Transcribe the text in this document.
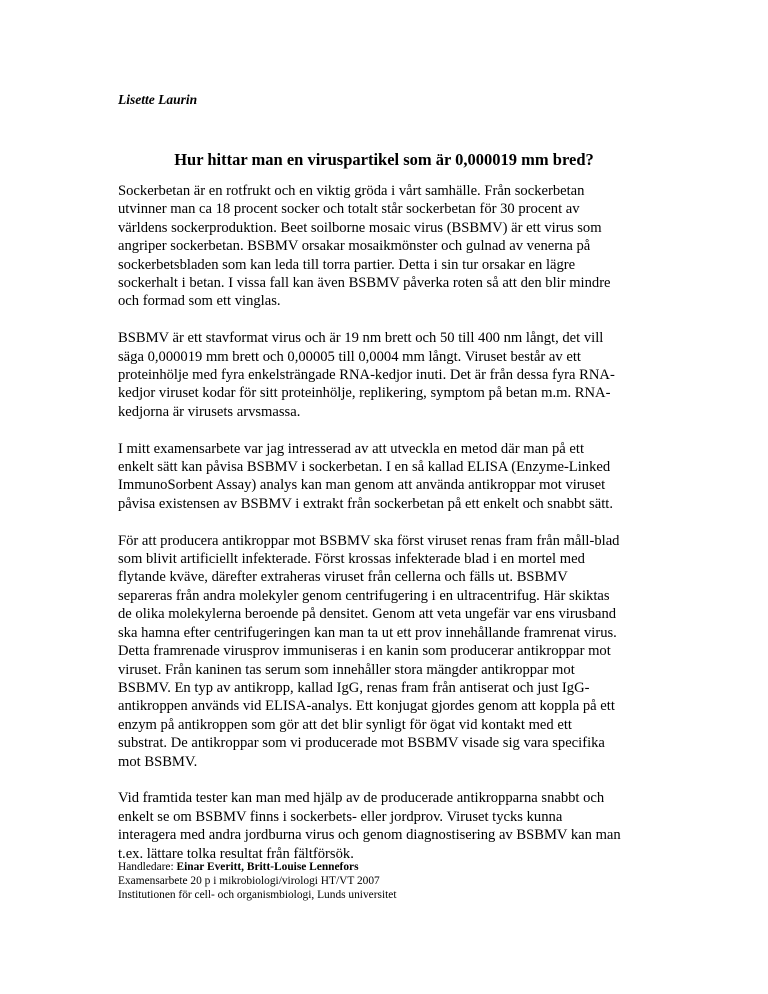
Lisette Laurin

Hur hittar man en viruspartikel som är 0,000019 mm bred?

Sockerbetan är en rotfrukt och en viktig gröda i vårt samhälle. Från sockerbetan
utvinner man ca 18 procent socker och totalt står sockerbetan för 30 procent av
världens sockerproduktion. Beet soilborne mosaic virus (BSBMV) är ett virus som
angriper sockerbetan. BSBMV orsakar mosaikmönster och gulnad av venerna på
sockerbetsbladen som kan leda till torra partier. Detta i sin tur orsakar en lägre
sockerhalt i betan. I vissa fall kan även BSBMV påverka roten så att den blir mindre
och formad som ett vinglas.

BSBMV är ett stavformat virus och är 19 nm brett och 50 till 400 nm långt, det vill
säga 0,000019 mm brett och 0,00005 till 0,0004 mm långt. Viruset består av ett
proteinhölje med fyra enkelsträngade RNA-kedjor inuti. Det är från dessa fyra RNA-
kedjor viruset kodar för sitt proteinhölje, replikering, symptom på betan m.m. RNA-
kedjorna är virusets arvsmassa.

I mitt examensarbete var jag intresserad av att utveckla en metod där man på ett
enkelt sätt kan påvisa BSBMV i sockerbetan. I en så kallad ELISA (Enzyme-Linked
ImmunoSorbent Assay) analys kan man genom att använda antikroppar mot viruset
påvisa existensen av BSBMV i extrakt från sockerbetan på ett enkelt och snabbt sätt.

För att producera antikroppar mot BSBMV ska först viruset renas fram från måll-blad
som blivit artificiellt infekterade. Först krossas infekterade blad i en mortel med
flytande kväve, därefter extraheras viruset från cellerna och fälls ut. BSBMV
separeras från andra molekyler genom centrifugering i en ultracentrifug. Här skiktas
de olika molekylerna beroende på densitet. Genom att veta ungefär var ens virusband
ska hamna efter centrifugeringen kan man ta ut ett prov innehållande framrenat virus.
Detta framrenade virusprov immuniseras i en kanin som producerar antikroppar mot
viruset. Från kaninen tas serum som innehåller stora mängder antikroppar mot
BSBMV. En typ av antikropp, kallad IgG, renas fram från antiserat och just IgG-
antikroppen används vid ELISA-analys. Ett konjugat gjordes genom att koppla på ett
enzym på antikroppen som gör att det blir synligt för ögat vid kontakt med ett
substrat. De antikroppar som vi producerade mot BSBMV visade sig vara specifika
mot BSBMV.

Vid framtida tester kan man med hjälp av de producerade antikropparna snabbt och
enkelt se om BSBMV finns i sockerbets- eller jordprov. Viruset tycks kunna
interagera med andra jordburna virus och genom diagnostisering av BSBMV kan man
t.ex. lättare tolka resultat från fältförsök.

Handledare: Einar Everitt, Britt-Louise Lennefors
Examensarbete 20 p i mikrobiologi/virologi HT/VT 2007
Institutionen för cell- och organismbiologi, Lunds universitet
